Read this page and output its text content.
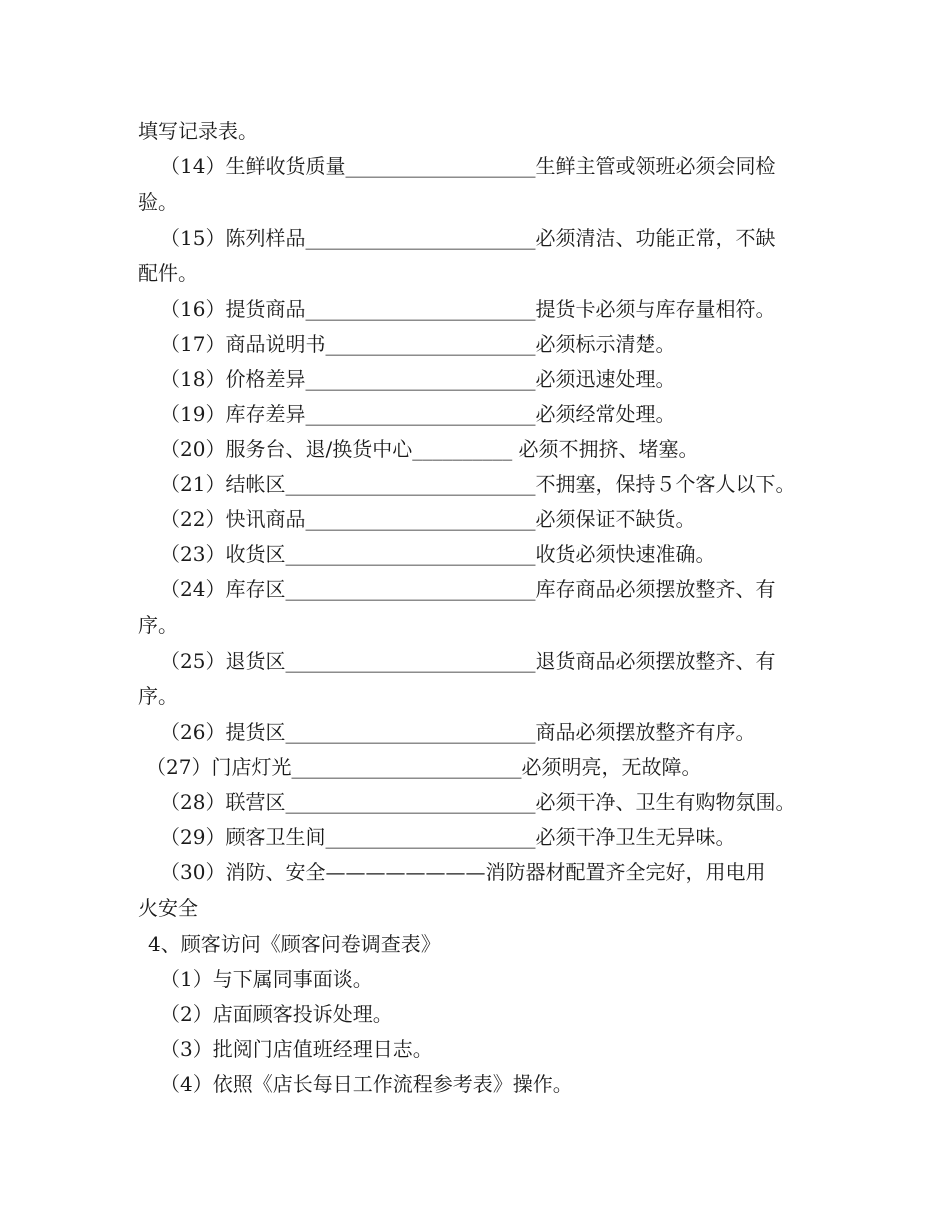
填写记录表。
（14）生鲜收货质量___________________生鲜主管或领班必须会同检
验。
（15）陈列样品_______________________必须清洁、功能正常，不缺
配件。
（16）提货商品_______________________提货卡必须与库存量相符。
（17）商品说明书_____________________必须标示清楚。
（18）价格差异_______________________必须迅速处理。
（19）库存差异_______________________必须经常处理。
（20）服务台、退/换货中心__________ 必须不拥挤、堵塞。
（21）结帐区_________________________不拥塞，保持５个客人以下。
（22）快讯商品_______________________必须保证不缺货。
（23）收货区_________________________收货必须快速准确。
（24）库存区_________________________库存商品必须摆放整齐、有
序。
（25）退货区_________________________退货商品必须摆放整齐、有
序。
（26）提货区_________________________商品必须摆放整齐有序。
（27）门店灯光_______________________必须明亮，无故障。
（28）联营区_________________________必须干净、卫生有购物氛围。
（29）顾客卫生间_____________________必须干净卫生无异味。
（30）消防、安全————————消防器材配置齐全完好，用电用
火安全
4、顾客访问《顾客问卷调查表》
（1）与下属同事面谈。
（2）店面顾客投诉处理。
（3）批阅门店值班经理日志。
（4）依照《店长每日工作流程参考表》操作。
